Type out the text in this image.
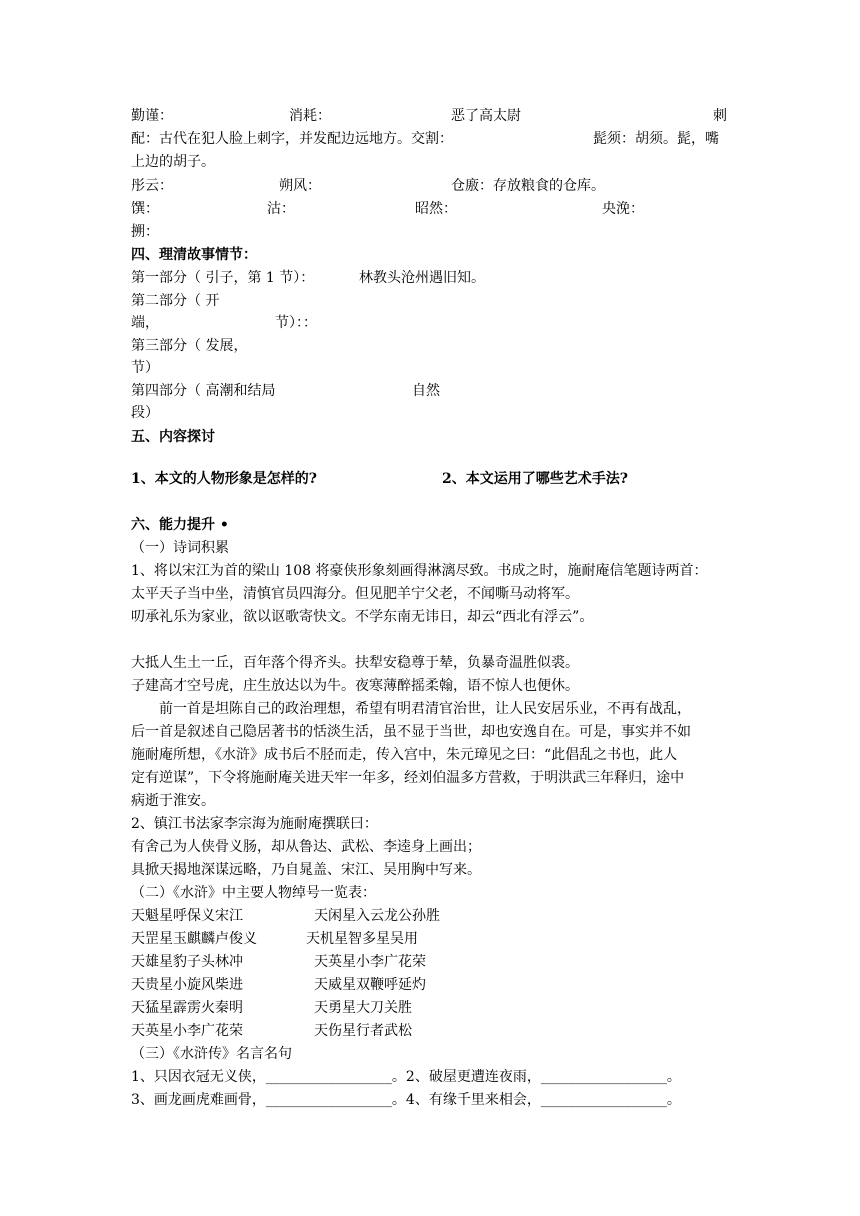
勤谨：	消耗：	恶了高太尉	刺
配：古代在犯人脸上刺字，并发配边远地方。交割：	髭须：胡须。髭，嘴
上边的胡子。
彤云：	朔风：	仓廒：存放粮食的仓库。
馔：	沽：	昭然：	央浼：
搠：
四、理清故事情节：
第一部分（ 引子，第 1 节）：	林教头沧州遇旧知。
第二部分（ 开
端，	节）：：
第三部分（ 发展，
节）
第四部分（ 高潮和结局	自然
段）
五、内容探讨
1、本文的人物形象是怎样的?	2、本文运用了哪些艺术手法?
六、能力提升 •
（一）诗词积累
1、将以宋江为首的梁山 108 将豪侠形象刻画得淋漓尽致。书成之时，施耐庵信笔题诗两首：
太平天子当中坐，清慎官员四海分。但见肥羊宁父老，不闻嘶马动将军。
叨承礼乐为家业，欲以讴歌寄快文。不学东南无讳日，却云“西北有浮云”。
大抵人生土一丘，百年落个得齐头。扶犁安稳尊于辇，负暴奇温胜似裘。
子建高才空号虎，庄生放达以为牛。夜寒薄醉摇柔翰，语不惊人也便休。
前一首是坦陈自己的政治理想，希望有明君清官治世，让人民安居乐业，不再有战乱，
后一首是叙述自己隐居著书的恬淡生活，虽不显于当世，却也安逸自在。可是，事实并不如
施耐庵所想，《水浒》成书后不胫而走，传入宫中，朱元璋见之曰：“此倡乱之书也，此人
定有逆谋”，下令将施耐庵关进天牢一年多，经刘伯温多方营救，于明洪武三年释归，途中
病逝于淮安。
2、镇江书法家李宗海为施耐庵撰联曰：
有舍己为人侠骨义肠，却从鲁达、武松、李逵身上画出；
具掀天揭地深谋远略，乃自晁盖、宋江、吴用胸中写来。
（二）《水浒》中主要人物绰号一览表：
天魁星呼保义宋江	天闲星入云龙公孙胜
天罡星玉麒麟卢俊义	天机星智多星吴用
天雄星豹子头林冲	天英星小李广花荣
天贵星小旋风柴进	天威星双鞭呼延灼
天猛星霹雳火秦明	天勇星大刀关胜
天英星小李广花荣	天伤星行者武松
（三）《水浒传》名言名句
1、只因衣冠无义侠，__________________。2、破屋更遭连夜雨，__________________。
3、画龙画虎难画骨，__________________。4、有缘千里来相会，__________________。
